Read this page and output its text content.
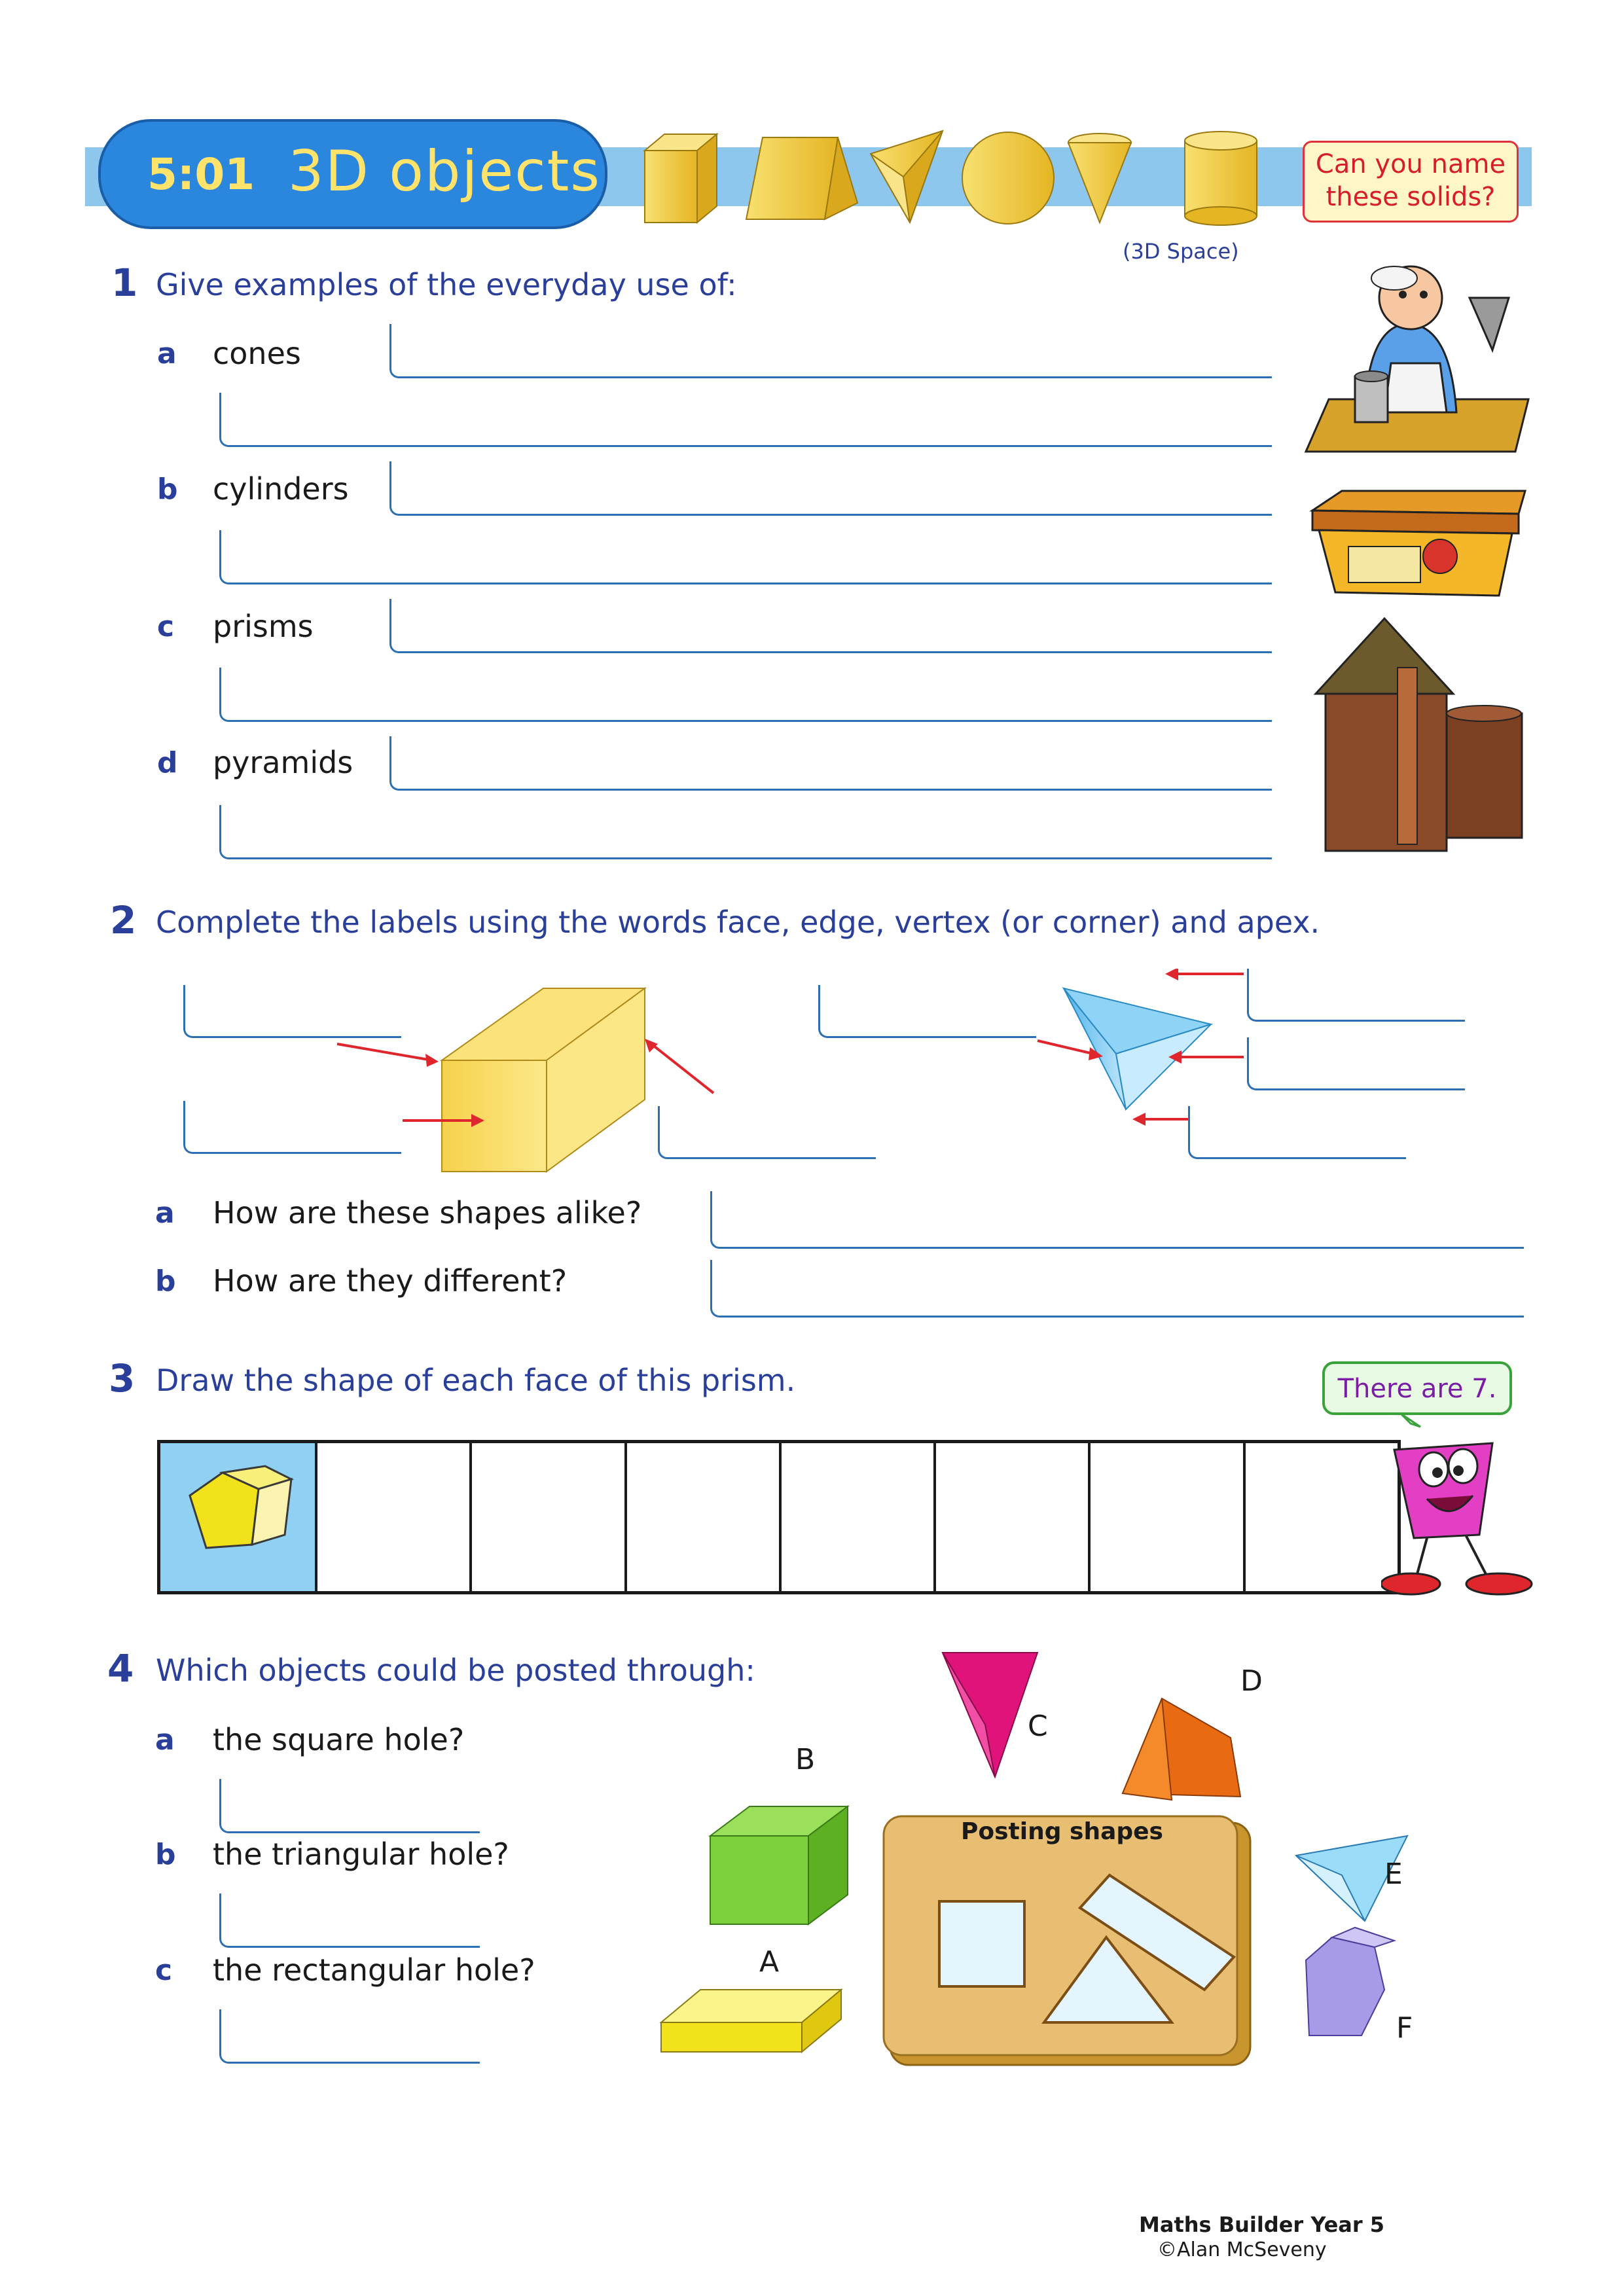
5:01 3D objects	Can you name
these solids?
(3D Space)
1 Give examples of the everyday use of:
a cones
b cylinders
c prisms
d pyramids
2 Complete the labels using the words face, edge, vertex (or corner) and apex.
a How are these shapes alike?
b How are they different?
3 Draw the shape of each face of this prism.	There are 7.
4 Which objects could be posted through:
a the square hole?
b the triangular hole?
c the rectangular hole?
Posting shapes
A
B
C
D
E
F
Maths Builder Year 5
©Alan McSeveny
